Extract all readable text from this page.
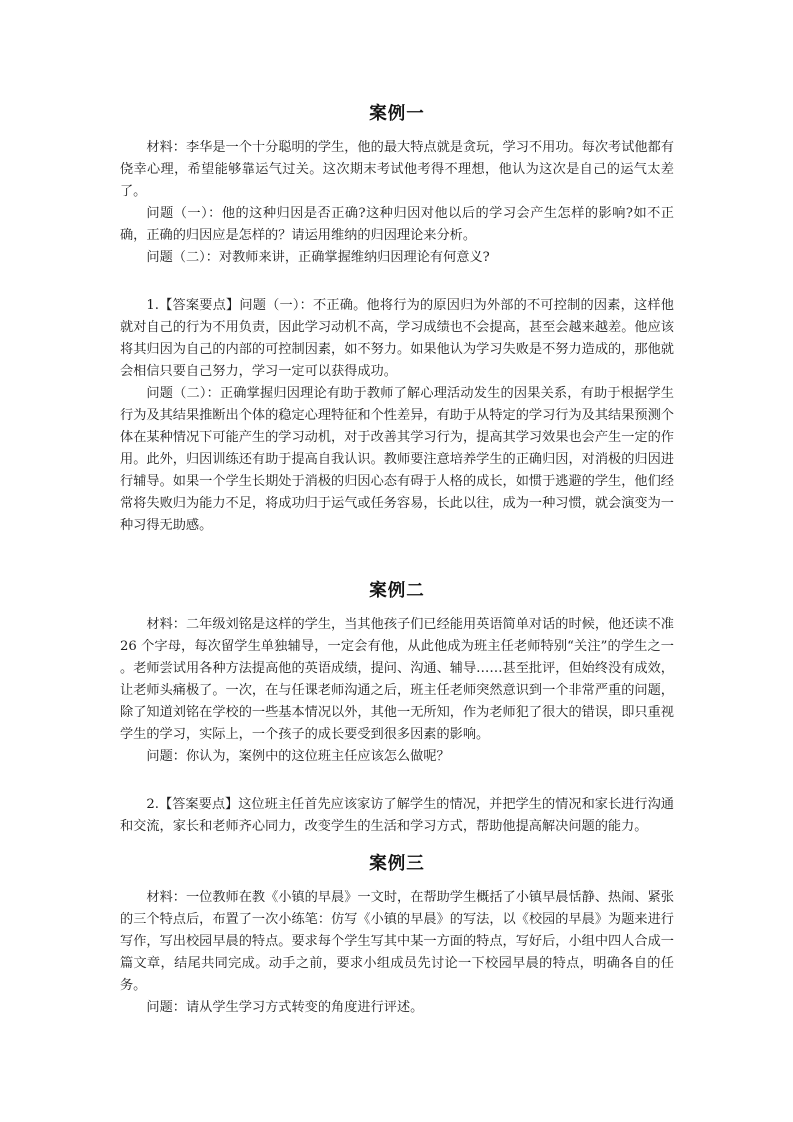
案例一

材料：李华是一个十分聪明的学生，他的最大特点就是贪玩，学习不用功。每次考试他都有侥幸心理，希望能够靠运气过关。这次期末考试他考得不理想，他认为这次是自己的运气太差了。

问题（一）：他的这种归因是否正确?这种归因对他以后的学习会产生怎样的影响?如不正确，正确的归因应是怎样的？请运用维纳的归因理论来分析。

问题（二）：对教师来讲，正确掌握维纳归因理论有何意义?

1.【答案要点】问题（一）：不正确。他将行为的原因归为外部的不可控制的因素，这样他就对自己的行为不用负责，因此学习动机不高，学习成绩也不会提高，甚至会越来越差。他应该将其归因为自己的内部的可控制因素，如不努力。如果他认为学习失败是不努力造成的，那他就会相信只要自己努力，学习一定可以获得成功。

问题（二）：正确掌握归因理论有助于教师了解心理活动发生的因果关系，有助于根据学生行为及其结果推断出个体的稳定心理特征和个性差异，有助于从特定的学习行为及其结果预测个体在某种情况下可能产生的学习动机，对于改善其学习行为，提高其学习效果也会产生一定的作用。此外，归因训练还有助于提高自我认识。教师要注意培养学生的正确归因，对消极的归因进行辅导。如果一个学生长期处于消极的归因心态有碍于人格的成长，如惯于逃避的学生，他们经常将失败归为能力不足，将成功归于运气或任务容易，长此以往，成为一种习惯，就会演变为一种习得无助感。

案例二

材料：二年级刘铭是这样的学生，当其他孩子们已经能用英语简单对话的时候，他还读不准 26 个字母，每次留学生单独辅导，一定会有他，从此他成为班主任老师特别“关注”的学生之一 。老师尝试用各种方法提高他的英语成绩，提问、沟通、辅导……甚至批评，但始终没有成效，让老师头痛极了。一次，在与任课老师沟通之后，班主任老师突然意识到一个非常严重的问题，除了知道刘铭在学校的一些基本情况以外，其他一无所知，作为老师犯了很大的错误，即只重视学生的学习，实际上，一个孩子的成长要受到很多因素的影响。

问题：你认为，案例中的这位班主任应该怎么做呢？

2.【答案要点】这位班主任首先应该家访了解学生的情况，并把学生的情况和家长进行沟通和交流，家长和老师齐心同力，改变学生的生活和学习方式，帮助他提高解决问题的能力。

案例三

材料：一位教师在教《小镇的早晨》一文时，在帮助学生概括了小镇早晨恬静、热闹、紧张的三个特点后，布置了一次小练笔：仿写《小镇的早晨》的写法，以《校园的早晨》为题来进行写作，写出校园早晨的特点。要求每个学生写其中某一方面的特点，写好后，小组中四人合成一篇文章，结尾共同完成。动手之前，要求小组成员先讨论一下校园早晨的特点，明确各自的任务。

问题：请从学生学习方式转变的角度进行评述。
